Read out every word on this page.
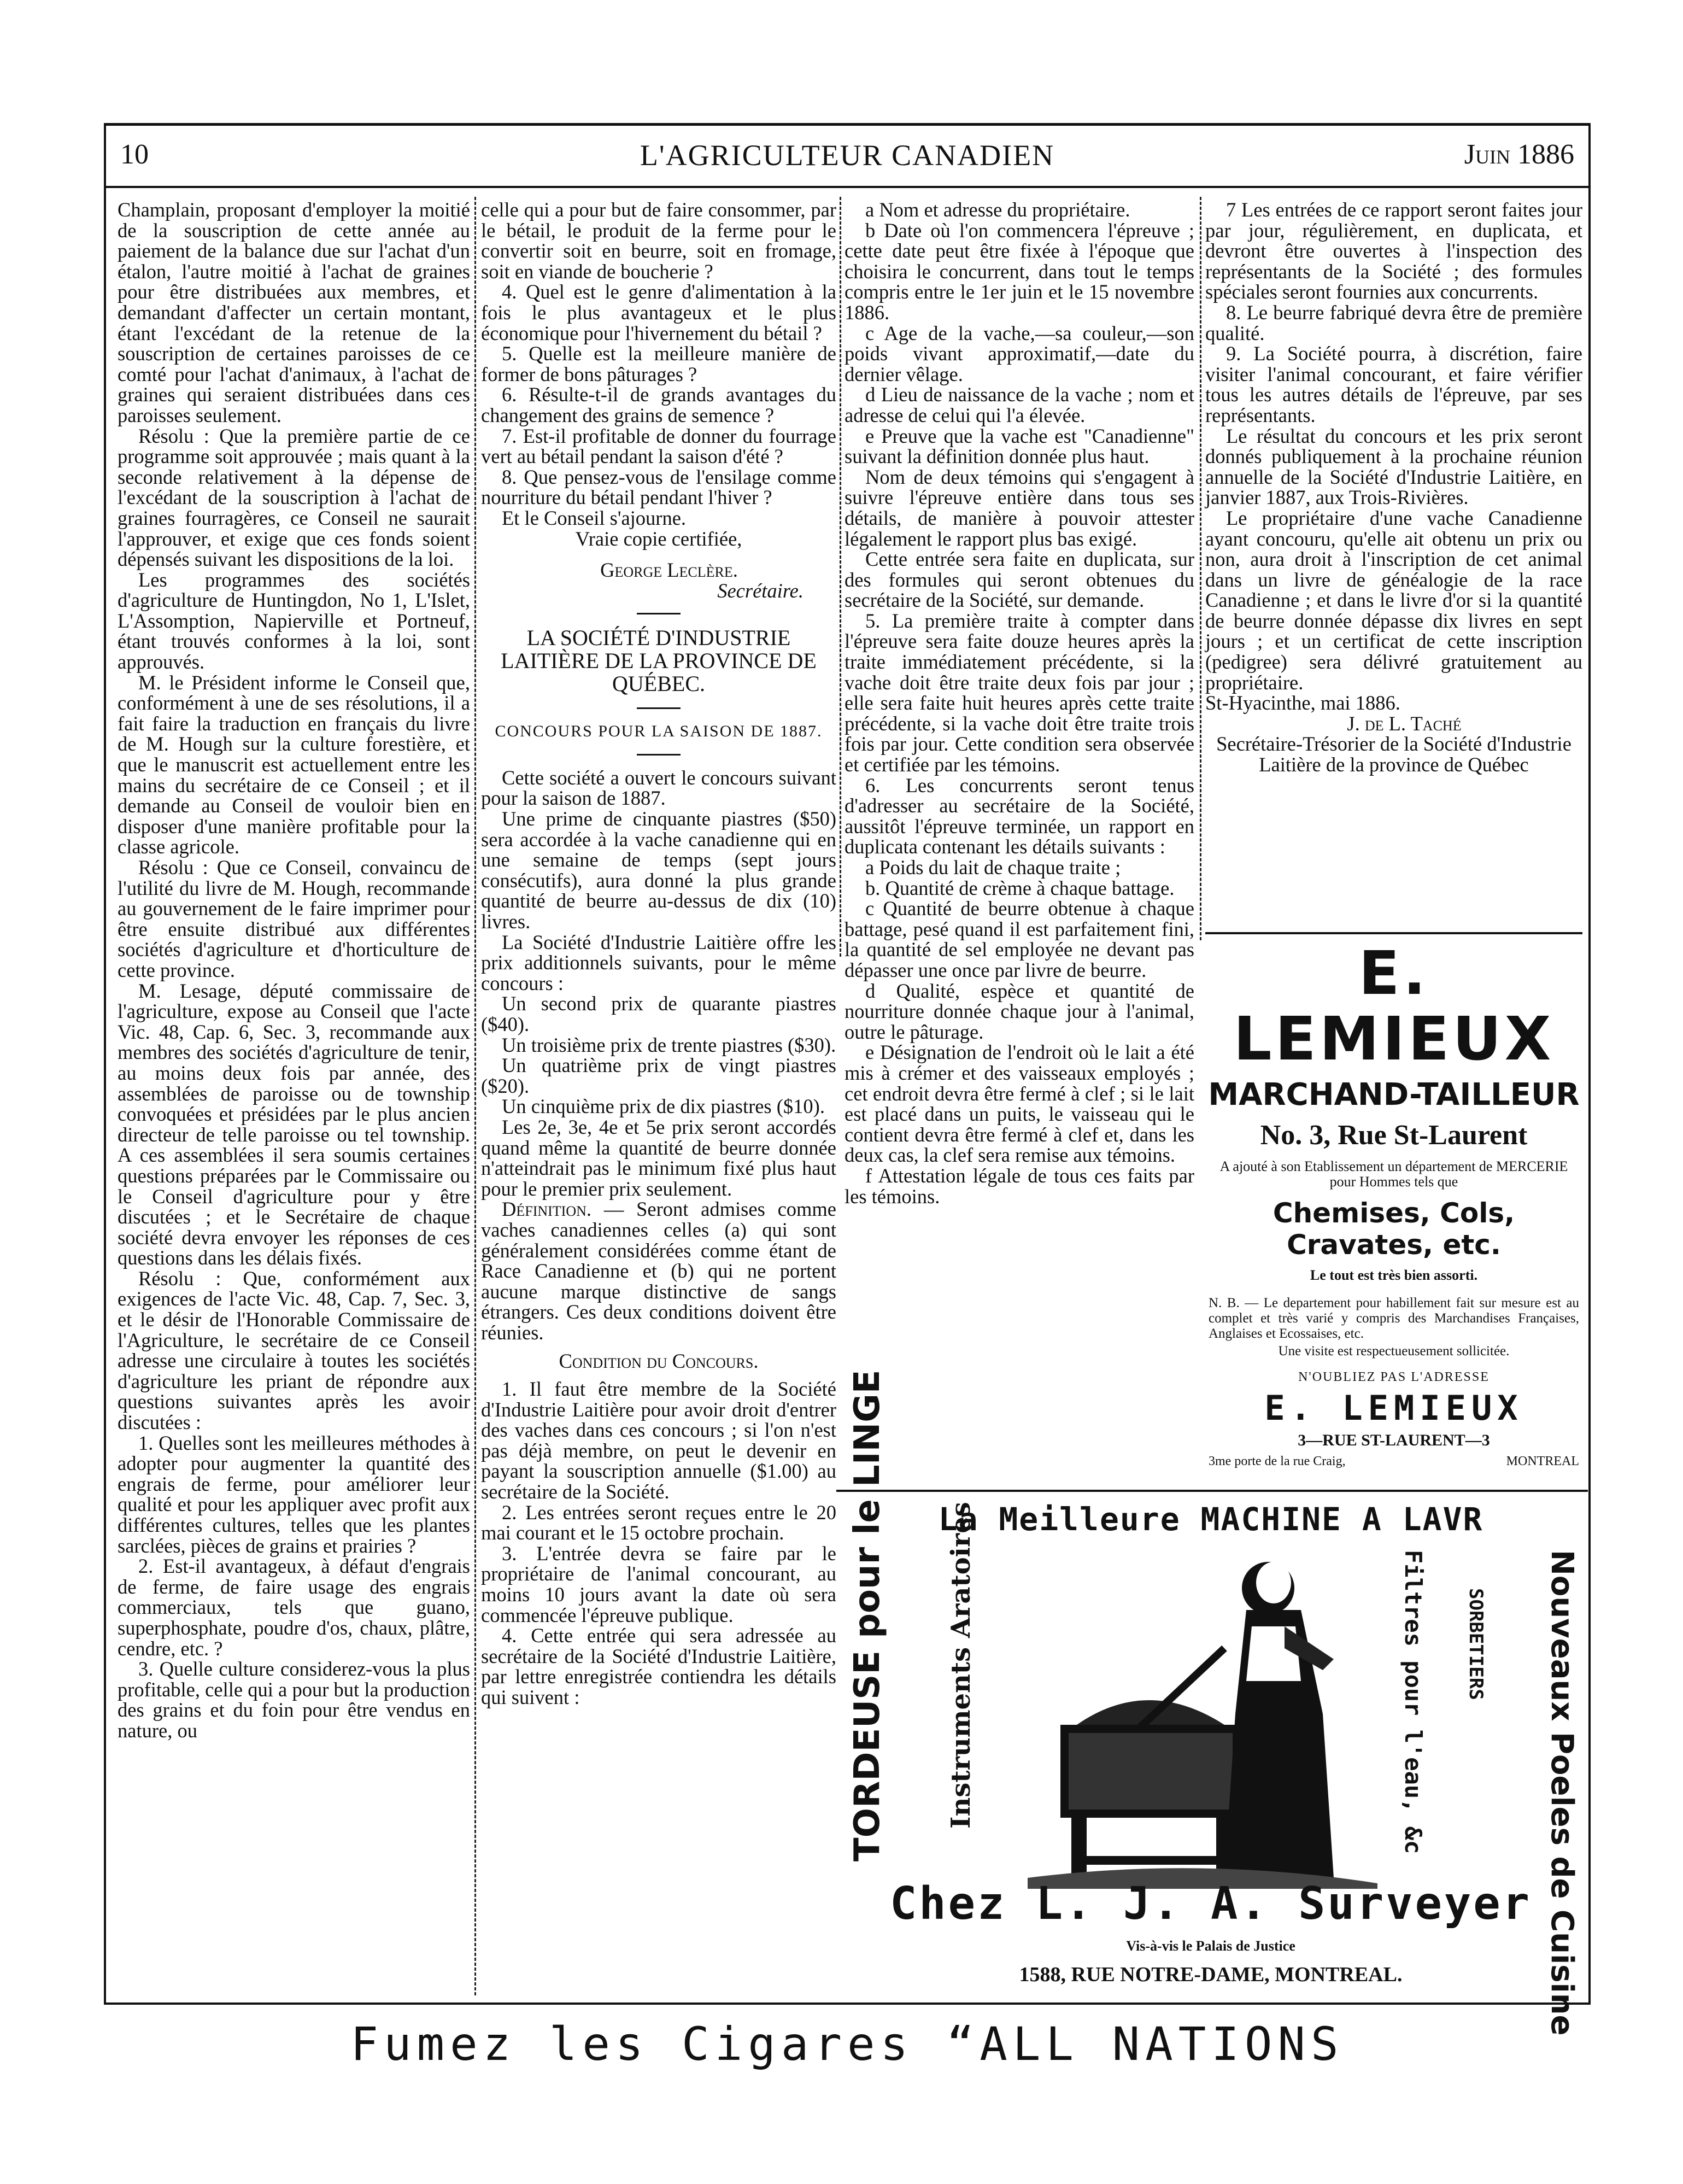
10	L'AGRICULTEUR CANADIEN	Juin 1886

Champlain, proposant d'employer la moitié de la souscription de cette année au paiement de la balance due sur l'achat d'un étalon, l'autre moitié à l'achat de graines pour être distribuées aux membres, et demandant d'affecter un certain montant, étant l'excédant de la retenue de la souscription de certaines paroisses de ce comté pour l'achat d'animaux, à l'achat de graines qui seraient distribuées dans ces paroisses seulement.

Résolu : Que la première partie de ce programme soit approuvée ; mais quant à la seconde relativement à la dépense de l'excédant de la souscription à l'achat de graines fourragères, ce Conseil ne saurait l'approuver, et exige que ces fonds soient dépensés suivant les dispositions de la loi.

Les programmes des sociétés d'agriculture de Huntingdon, No 1, L'Islet, L'Assomption, Napierville et Portneuf, étant trouvés conformes à la loi, sont approuvés.

M. le Président informe le Conseil que, conformément à une de ses résolutions, il a fait faire la traduction en français du livre de M. Hough sur la culture forestière, et que le manuscrit est actuellement entre les mains du secrétaire de ce Conseil ; et il demande au Conseil de vouloir bien en disposer d'une manière profitable pour la classe agricole.

Résolu : Que ce Conseil, convaincu de l'utilité du livre de M. Hough, recommande au gouvernement de le faire imprimer pour être ensuite distribué aux différentes sociétés d'agriculture et d'horticulture de cette province.

M. Lesage, député commissaire de l'agriculture, expose au Conseil que l'acte Vic. 48, Cap. 6, Sec. 3, recommande aux membres des sociétés d'agriculture de tenir, au moins deux fois par année, des assemblées de paroisse ou de township convoquées et présidées par le plus ancien directeur de telle paroisse ou tel township. A ces assemblées il sera soumis certaines questions préparées par le Commissaire ou le Conseil d'agriculture pour y être discutées ; et le Secrétaire de chaque société devra envoyer les réponses de ces questions dans les délais fixés.

Résolu : Que, conformément aux exigences de l'acte Vic. 48, Cap. 7, Sec. 3, et le désir de l'Honorable Commissaire de l'Agriculture, le secrétaire de ce Conseil adresse une circulaire à toutes les sociétés d'agriculture les priant de répondre aux questions suivantes après les avoir discutées :

1. Quelles sont les meilleures méthodes à adopter pour augmenter la quantité des engrais de ferme, pour améliorer leur qualité et pour les appliquer avec profit aux différentes cultures, telles que les plantes sarclées, pièces de grains et prairies ?

2. Est-il avantageux, à défaut d'engrais de ferme, de faire usage des engrais commerciaux, tels que guano, superphosphate, poudre d'os, chaux, plâtre, cendre, etc. ?

3. Quelle culture considerez-vous la plus profitable, celle qui a pour but la production des grains et du foin pour être vendus en nature, ou

celle qui a pour but de faire consommer, par le bétail, le produit de la ferme pour le convertir soit en beurre, soit en fromage, soit en viande de boucherie ?

4. Quel est le genre d'alimentation à la fois le plus avantageux et le plus économique pour l'hivernement du bétail ?

5. Quelle est la meilleure manière de former de bons pâturages ?

6. Résulte-t-il de grands avantages du changement des grains de semence ?

7. Est-il profitable de donner du fourrage vert au bétail pendant la saison d'été ?

8. Que pensez-vous de l'ensilage comme nourriture du bétail pendant l'hiver ?

Et le Conseil s'ajourne.

Vraie copie certifiée,

George Leclère.

Secrétaire.

LA SOCIÉTÉ D'INDUSTRIE LAITIÈRE DE LA PROVINCE DE QUÉBEC.

CONCOURS POUR LA SAISON DE 1887.

Cette société a ouvert le concours suivant pour la saison de 1887.

Une prime de cinquante piastres ($50) sera accordée à la vache canadienne qui en une semaine de temps (sept jours consécutifs), aura donné la plus grande quantité de beurre au-dessus de dix (10) livres.

La Société d'Industrie Laitière offre les prix additionnels suivants, pour le même concours :

Un second prix de quarante piastres ($40).

Un troisième prix de trente piastres ($30).

Un quatrième prix de vingt piastres ($20).

Un cinquième prix de dix piastres ($10).

Les 2e, 3e, 4e et 5e prix seront accordés quand même la quantité de beurre donnée n'atteindrait pas le minimum fixé plus haut pour le premier prix seulement.

Définition. — Seront admises comme vaches canadiennes celles (a) qui sont généralement considérées comme étant de Race Canadienne et (b) qui ne portent aucune marque distinctive de sangs étrangers. Ces deux conditions doivent être réunies.

Condition du Concours.

1. Il faut être membre de la Société d'Industrie Laitière pour avoir droit d'entrer des vaches dans ces concours ; si l'on n'est pas déjà membre, on peut le devenir en payant la souscription annuelle ($1.00) au secrétaire de la Société.

2. Les entrées seront reçues entre le 20 mai courant et le 15 octobre prochain.

3. L'entrée devra se faire par le propriétaire de l'animal concourant, au moins 10 jours avant la date où sera commencée l'épreuve publique.

4. Cette entrée qui sera adressée au secrétaire de la Société d'Industrie Laitière, par lettre enregistrée contiendra les détails qui suivent :

a Nom et adresse du propriétaire.

b Date où l'on commencera l'épreuve ; cette date peut être fixée à l'époque que choisira le concurrent, dans tout le temps compris entre le 1er juin et le 15 novembre 1886.

c Age de la vache,—sa couleur,—son poids vivant approximatif,—date du dernier vêlage.

d Lieu de naissance de la vache ; nom et adresse de celui qui l'a élevée.

e Preuve que la vache est "Canadienne" suivant la définition donnée plus haut.

Nom de deux témoins qui s'engagent à suivre l'épreuve entière dans tous ses détails, de manière à pouvoir attester légalement le rapport plus bas exigé.

Cette entrée sera faite en duplicata, sur des formules qui seront obtenues du secrétaire de la Société, sur demande.

5. La première traite à compter dans l'épreuve sera faite douze heures après la traite immédiatement précédente, si la vache doit être traite deux fois par jour ; elle sera faite huit heures après cette traite précédente, si la vache doit être traite trois fois par jour. Cette condition sera observée et certifiée par les témoins.

6. Les concurrents seront tenus d'adresser au secrétaire de la Société, aussitôt l'épreuve terminée, un rapport en duplicata contenant les détails suivants :

a Poids du lait de chaque traite ;

b. Quantité de crème à chaque battage.

c Quantité de beurre obtenue à chaque battage, pesé quand il est parfaitement fini, la quantité de sel employée ne devant pas dépasser une once par livre de beurre.

d Qualité, espèce et quantité de nourriture donnée chaque jour à l'animal, outre le pâturage.

e Désignation de l'endroit où le lait a été mis à crémer et des vaisseaux employés ; cet endroit devra être fermé à clef ; si le lait est placé dans un puits, le vaisseau qui le contient devra être fermé à clef et, dans les deux cas, la clef sera remise aux témoins.

f Attestation légale de tous ces faits par les témoins.

7 Les entrées de ce rapport seront faites jour par jour, régulièrement, en duplicata, et devront être ouvertes à l'inspection des représentants de la Société ; des formules spéciales seront fournies aux concurrents.

8. Le beurre fabriqué devra être de première qualité.

9. La Société pourra, à discrétion, faire visiter l'animal concourant, et faire vérifier tous les autres détails de l'épreuve, par ses représentants.

Le résultat du concours et les prix seront donnés publiquement à la prochaine réunion annuelle de la Société d'Industrie Laitière, en janvier 1887, aux Trois-Rivières.

Le propriétaire d'une vache Canadienne ayant concouru, qu'elle ait obtenu un prix ou non, aura droit à l'inscription de cet animal dans un livre de généalogie de la race Canadienne ; et dans le livre d'or si la quantité de beurre donnée dépasse dix livres en sept jours ; et un certificat de cette inscription (pedigree) sera délivré gratuitement au propriétaire.

St-Hyacinthe, mai 1886.

J. de L. Taché

Secrétaire-Trésorier de la Société d'Industrie Laitière de la province de Québec

E. LEMIEUX
MARCHAND-TAILLEUR
No. 3, Rue St-Laurent
A ajouté à son Etablissement un département de MERCERIE pour Hommes tels que
Chemises, Cols, Cravates, etc.
Le tout est très bien assorti.
N. B. — Le departement pour habillement fait sur mesure est au complet et très varié y compris des Marchandises Françaises, Anglaises et Ecossaises, etc.
Une visite est respectueusement sollicitée.
N'OUBLIEZ PAS L'ADRESSE
E. LEMIEUX
3—RUE ST-LAURENT—3
3me porte de la rue Craig,	MONTREAL
La Meilleure MACHINE A LAVR
TORDEUSE pour le LINGE Instruments Aratoires	Filtres pour l'eau, &c SORBETIERS Nouveaux Poeles de Cuisine
Chez L. J. A. Surveyer
Vis-à-vis le Palais de Justice
1588, RUE NOTRE-DAME, MONTREAL.
Fumez les Cigares “ALL NATIONS
